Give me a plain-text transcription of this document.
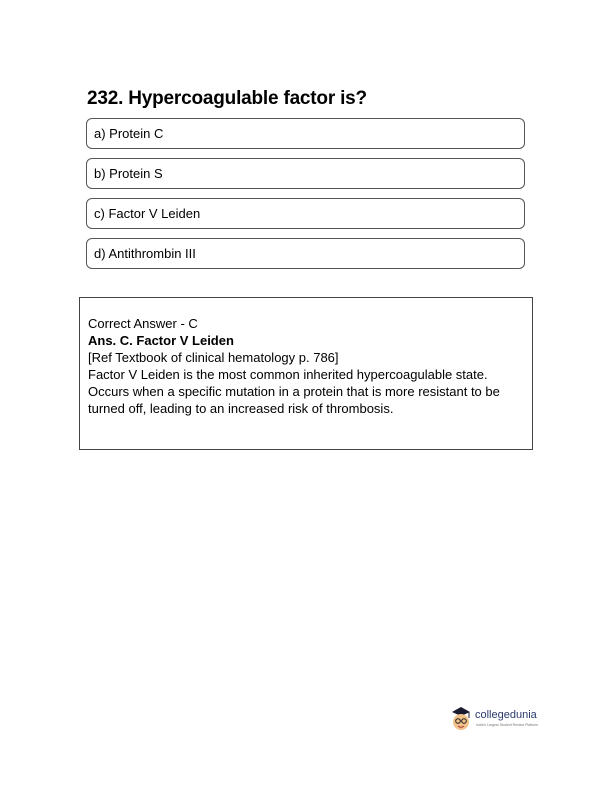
232. Hypercoagulable factor is?
a) Protein C
b) Protein S
c) Factor V Leiden
d) Antithrombin III
Correct Answer - C
Ans. C. Factor V Leiden
[Ref Textbook of clinical hematology p. 786]
Factor V Leiden is the most common inherited hypercoagulable state.
Occurs when a specific mutation in a protein that is more resistant to be turned off, leading to an increased risk of thrombosis.
collegedunia
India's Largest Student Review Platform
